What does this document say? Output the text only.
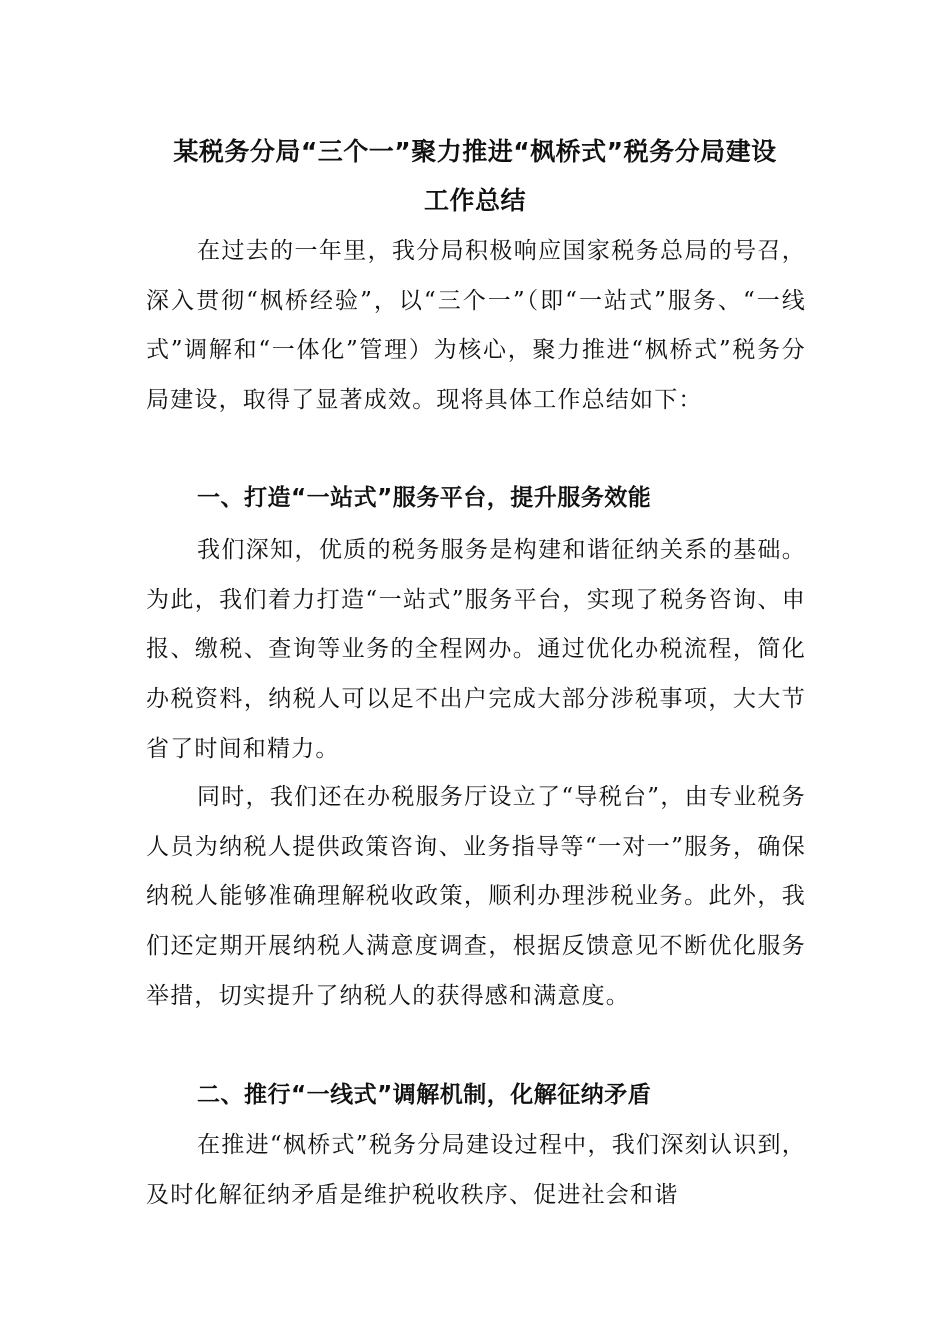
某税务分局“三个一”聚力推进“枫桥式”税务分局建设
工作总结

在过去的一年里，我分局积极响应国家税务总局的号召，深入贯彻“枫桥经验”，以“三个一”（即“一站式”服务、“一线式”调解和“一体化”管理）为核心，聚力推进“枫桥式”税务分局建设，取得了显著成效。现将具体工作总结如下：

一、打造“一站式”服务平台，提升服务效能

我们深知，优质的税务服务是构建和谐征纳关系的基础。为此，我们着力打造“一站式”服务平台，实现了税务咨询、申报、缴税、查询等业务的全程网办。通过优化办税流程，简化办税资料，纳税人可以足不出户完成大部分涉税事项，大大节省了时间和精力。

同时，我们还在办税服务厅设立了“导税台”，由专业税务人员为纳税人提供政策咨询、业务指导等“一对一”服务，确保纳税人能够准确理解税收政策，顺利办理涉税业务。此外，我们还定期开展纳税人满意度调查，根据反馈意见不断优化服务举措，切实提升了纳税人的获得感和满意度。

二、推行“一线式”调解机制，化解征纳矛盾

在推进“枫桥式”税务分局建设过程中，我们深刻认识到，及时化解征纳矛盾是维护税收秩序、促进社会和谐
